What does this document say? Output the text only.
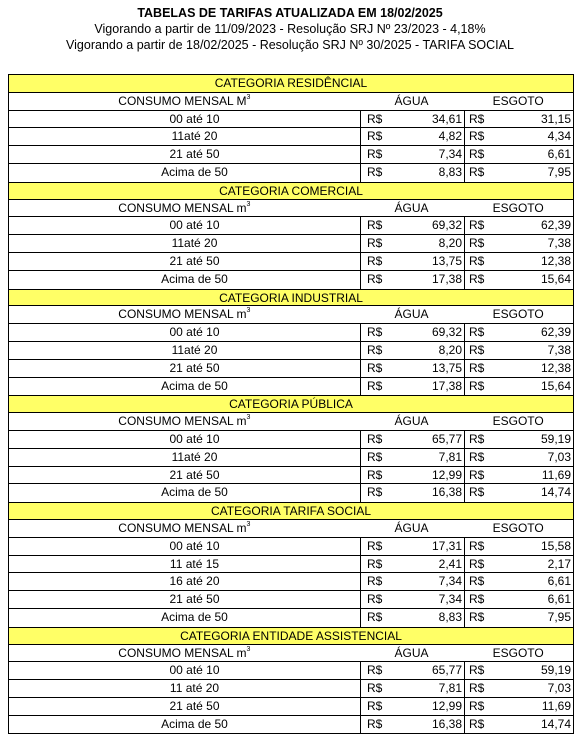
TABELAS DE TARIFAS ATUALIZADA EM 18/02/2025
Vigorando a partir de 11/09/2023 - Resolução SRJ Nº 23/2023 - 4,18%
Vigorando a partir de 18/02/2025 - Resolução SRJ Nº 30/2025 - TARIFA SOCIAL
CATEGORIA RESIDÊNCIAL
CONSUMO MENSAL $M^3$	ÁGUA	ESGOTO
00 até 10	R$	34,61 R$	31,15
11até 20	R$	4,82 R$	4,34
21 até 50	R$	7,34 R$	6,61
Acima de 50	R$	8,83 R$	7,95
CATEGORIA COMERCIAL
CONSUMO MENSAL $m^3$	ÁGUA	ESGOTO
00 até 10	R$	69,32 R$	62,39
11até 20	R$	8,20 R$	7,38
21 até 50	R$	13,75 R$	12,38
Acima de 50	R$	17,38 R$	15,64
CATEGORIA INDUSTRIAL
CONSUMO MENSAL $m^3$	ÁGUA	ESGOTO
00 até 10	R$	69,32 R$	62,39
11até 20	R$	8,20 R$	7,38
21 até 50	R$	13,75 R$	12,38
Acima de 50	R$	17,38 R$	15,64
CATEGORIA PÚBLICA
CONSUMO MENSAL $m^3$	ÁGUA	ESGOTO
00 até 10	R$	65,77 R$	59,19
11até 20	R$	7,81 R$	7,03
21 até 50	R$	12,99 R$	11,69
Acima de 50	R$	16,38 R$	14,74
CATEGORIA TARIFA SOCIAL
CONSUMO MENSAL $m^3$	ÁGUA	ESGOTO
00 até 10	R$	17,31 R$	15,58
11 até 15	R$	2,41 R$	2,17
16 até 20	R$	7,34 R$	6,61
21 até 50	R$	7,34 R$	6,61
Acima de 50	R$	8,83 R$	7,95
CATEGORIA ENTIDADE ASSISTENCIAL
CONSUMO MENSAL $m^3$	ÁGUA	ESGOTO
00 até 10	R$	65,77 R$	59,19
11 até 20	R$	7,81 R$	7,03
21 até 50	R$	12,99 R$	11,69
Acima de 50	R$	16,38 R$	14,74
